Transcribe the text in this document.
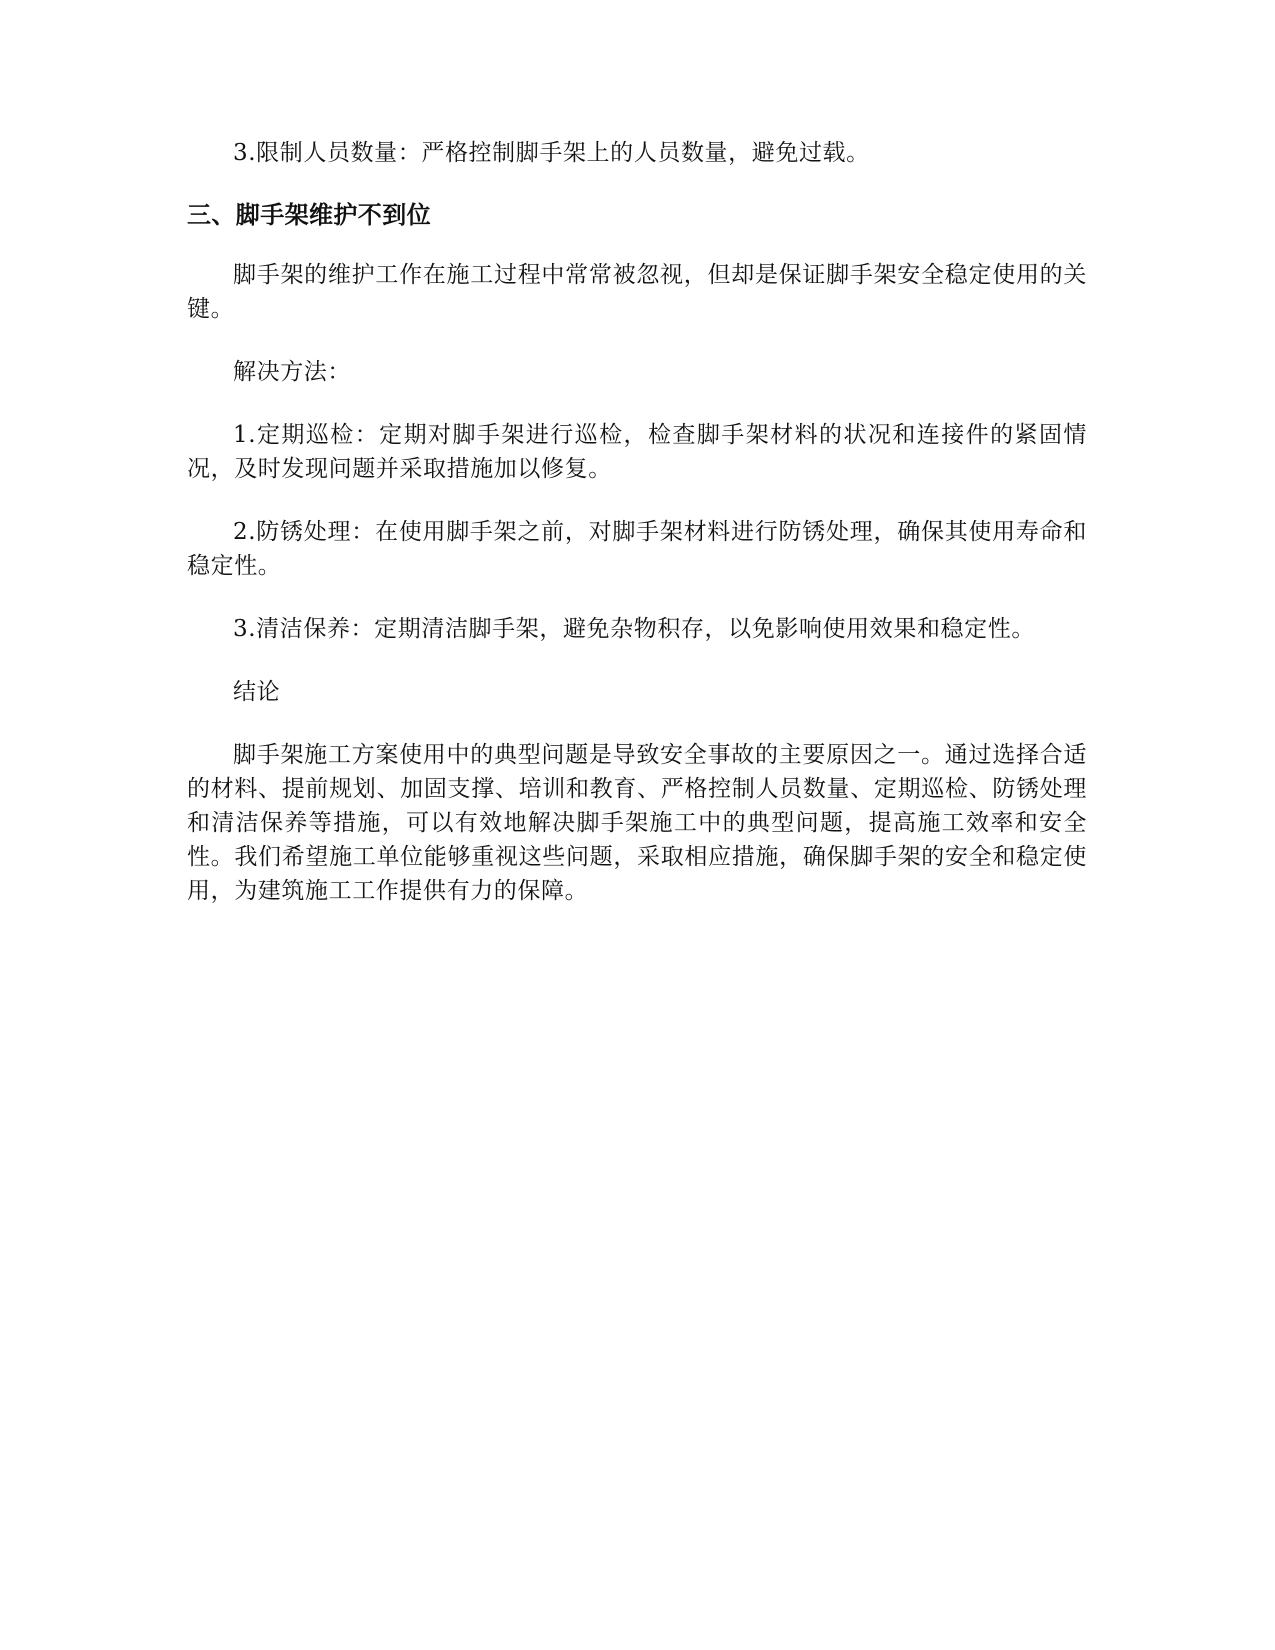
3.限制人员数量：严格控制脚手架上的人员数量，避免过载。

三、脚手架维护不到位

脚手架的维护工作在施工过程中常常被忽视，但却是保证脚手架安全稳定使用的关键。

解决方法：

1.定期巡检：定期对脚手架进行巡检，检查脚手架材料的状况和连接件的紧固情况，及时发现问题并采取措施加以修复。

2.防锈处理：在使用脚手架之前，对脚手架材料进行防锈处理，确保其使用寿命和稳定性。

3.清洁保养：定期清洁脚手架，避免杂物积存，以免影响使用效果和稳定性。

结论

脚手架施工方案使用中的典型问题是导致安全事故的主要原因之一。通过选择合适的材料、提前规划、加固支撑、培训和教育、严格控制人员数量、定期巡检、防锈处理和清洁保养等措施，可以有效地解决脚手架施工中的典型问题，提高施工效率和安全性。我们希望施工单位能够重视这些问题，采取相应措施，确保脚手架的安全和稳定使用，为建筑施工工作提供有力的保障。
